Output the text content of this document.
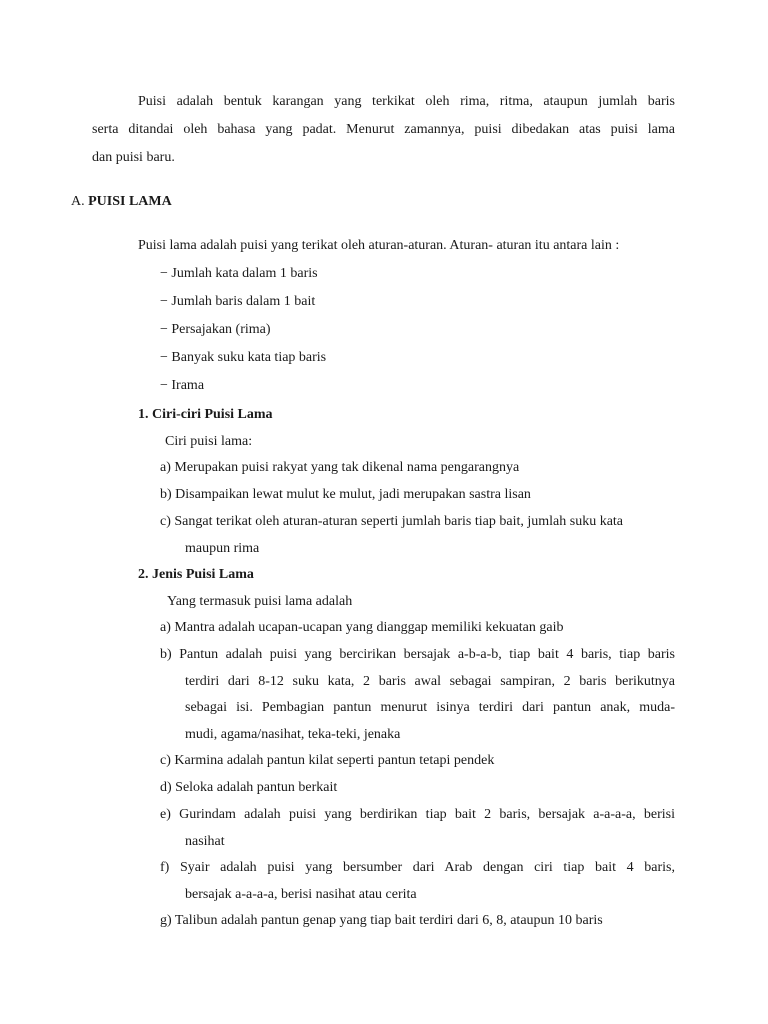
Puisi adalah bentuk karangan yang terkikat oleh rima, ritma, ataupun jumlah baris
serta ditandai oleh bahasa yang padat. Menurut zamannya, puisi dibedakan atas puisi lama
dan puisi baru.
A. PUISI LAMA
Puisi lama adalah puisi yang terikat oleh aturan-aturan. Aturan- aturan itu antara lain :
− Jumlah kata dalam 1 baris
− Jumlah baris dalam 1 bait
− Persajakan (rima)
− Banyak suku kata tiap baris
− Irama
1. Ciri-ciri Puisi Lama
Ciri puisi lama:
a) Merupakan puisi rakyat yang tak dikenal nama pengarangnya
b) Disampaikan lewat mulut ke mulut, jadi merupakan sastra lisan
c) Sangat terikat oleh aturan-aturan seperti jumlah baris tiap bait, jumlah suku kata
maupun rima
2. Jenis Puisi Lama
Yang termasuk puisi lama adalah
a) Mantra adalah ucapan-ucapan yang dianggap memiliki kekuatan gaib
b) Pantun adalah puisi yang bercirikan bersajak a-b-a-b, tiap bait 4 baris, tiap baris
terdiri dari 8-12 suku kata, 2 baris awal sebagai sampiran, 2 baris berikutnya
sebagai isi. Pembagian pantun menurut isinya terdiri dari pantun anak, muda-
mudi, agama/nasihat, teka-teki, jenaka
c) Karmina adalah pantun kilat seperti pantun tetapi pendek
d) Seloka adalah pantun berkait
e) Gurindam adalah puisi yang berdirikan tiap bait 2 baris, bersajak a-a-a-a, berisi
nasihat
f) Syair adalah puisi yang bersumber dari Arab dengan ciri tiap bait 4 baris,
bersajak a-a-a-a, berisi nasihat atau cerita
g) Talibun adalah pantun genap yang tiap bait terdiri dari 6, 8, ataupun 10 baris
